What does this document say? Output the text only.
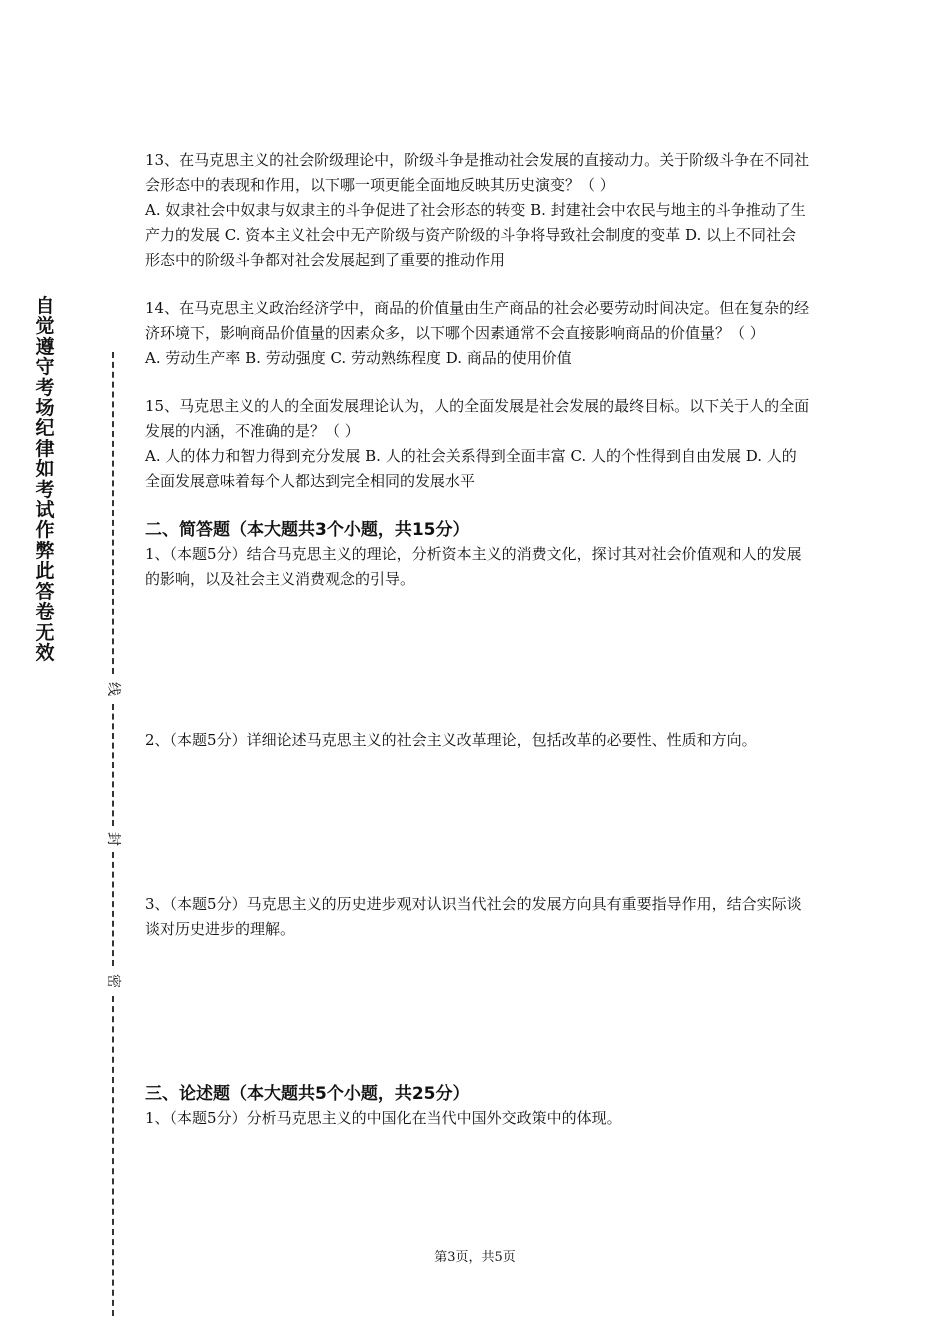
自觉遵守考场纪律如考试作弊此答卷无效
线
封
密

13、在马克思主义的社会阶级理论中，阶级斗争是推动社会发展的直接动力。关于阶级斗争在不同社会形态中的表现和作用，以下哪一项更能全面地反映其历史演变？（ ）

A. 奴隶社会中奴隶与奴隶主的斗争促进了社会形态的转变 B. 封建社会中农民与地主的斗争推动了生产力的发展 C. 资本主义社会中无产阶级与资产阶级的斗争将导致社会制度的变革 D. 以上不同社会形态中的阶级斗争都对社会发展起到了重要的推动作用

14、在马克思主义政治经济学中，商品的价值量由生产商品的社会必要劳动时间决定。但在复杂的经济环境下，影响商品价值量的因素众多，以下哪个因素通常不会直接影响商品的价值量？（ ）

A. 劳动生产率 B. 劳动强度 C. 劳动熟练程度 D. 商品的使用价值

15、马克思主义的人的全面发展理论认为，人的全面发展是社会发展的最终目标。以下关于人的全面发展的内涵，不准确的是？（ ）

A. 人的体力和智力得到充分发展 B. 人的社会关系得到全面丰富 C. 人的个性得到自由发展 D. 人的全面发展意味着每个人都达到完全相同的发展水平

二、简答题（本大题共3个小题，共15分）

1、（本题5分）结合马克思主义的理论，分析资本主义的消费文化，探讨其对社会价值观和人的发展的影响，以及社会主义消费观念的引导。

2、（本题5分）详细论述马克思主义的社会主义改革理论，包括改革的必要性、性质和方向。

3、（本题5分）马克思主义的历史进步观对认识当代社会的发展方向具有重要指导作用，结合实际谈谈对历史进步的理解。

三、论述题（本大题共5个小题，共25分）

1、（本题5分）分析马克思主义的中国化在当代中国外交政策中的体现。

第3页，共5页
